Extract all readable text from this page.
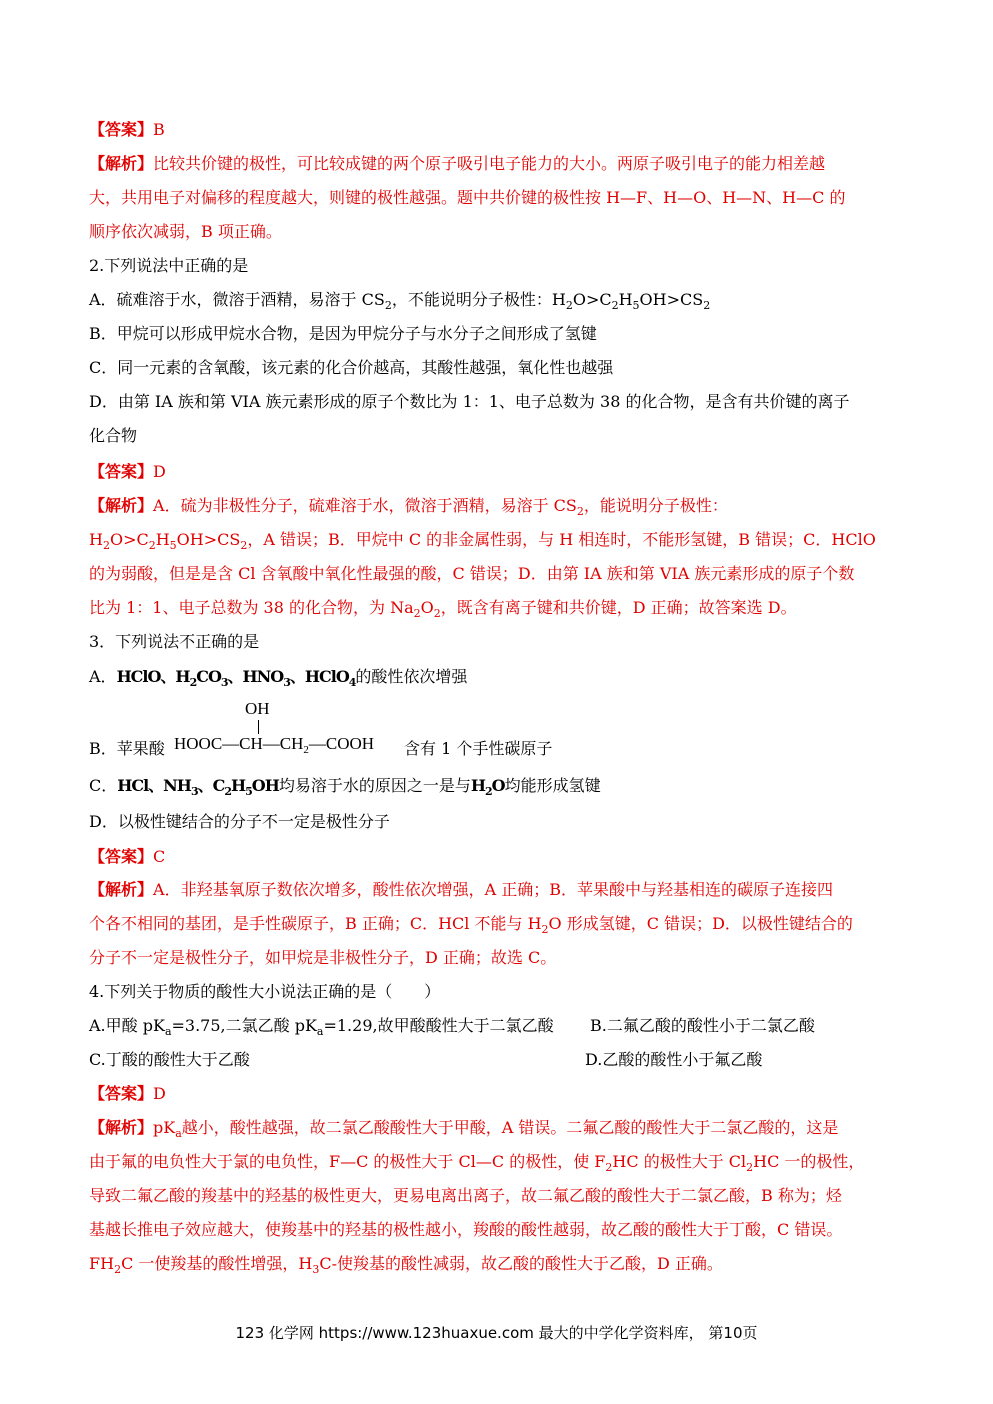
【答案】B
【解析】比较共价键的极性，可比较成键的两个原子吸引电子能力的大小。两原子吸引电子的能力相差越
大，共用电子对偏移的程度越大，则键的极性越强。题中共价键的极性按 H—F、H—O、H—N、H—C 的
顺序依次减弱，B 项正确。
2.下列说法中正确的是
A．硫难溶于水，微溶于酒精，易溶于 $CS_2$，不能说明分子极性：$H_2O>C_2H_5OH>CS_2$
B．甲烷可以形成甲烷水合物，是因为甲烷分子与水分子之间形成了氢键
C．同一元素的含氧酸，该元素的化合价越高，其酸性越强，氧化性也越强
D．由第 IA 族和第 VIA 族元素形成的原子个数比为 1：1、电子总数为 38 的化合物，是含有共价键的离子
化合物
【答案】D
【解析】A．硫为非极性分子，硫难溶于水，微溶于酒精，易溶于 $CS_2$，能说明分子极性：
$H_2O>C_2H_5OH>CS_2$，A 错误；B．甲烷中 C 的非金属性弱，与 H 相连时，不能形氢键，B 错误；C．HClO
的为弱酸，但是是含 Cl 含氧酸中氧化性最强的酸，C 错误；D．由第 IA 族和第 VIA 族元素形成的原子个数
比为 1：1、电子总数为 38 的化合物，为 $Na_2O_2$，既含有离子键和共价键，D 正确；故答案选 D。
3．下列说法不正确的是
A．HClO、$H_2CO_3$、$HNO_3$、HClO$_4$的酸性依次增强
OH
B．苹果酸 $HOOC—CH—CH_2—COOH$ 含有 1 个手性碳原子
C．HCl、$NH_3$、$C_2H_5OH$均易溶于水的原因之一是与$H_2O$均能形成氢键
D．以极性键结合的分子不一定是极性分子
【答案】C
【解析】A．非羟基氧原子数依次增多，酸性依次增强，A 正确；B．苹果酸中与羟基相连的碳原子连接四
个各不相同的基团，是手性碳原子，B 正确；C．HCl 不能与 $H_2O$ 形成氢键，C 错误；D．以极性键结合的
分子不一定是极性分子，如甲烷是非极性分子，D 正确；故选 C。
4.下列关于物质的酸性大小说法正确的是（　　）
A.甲酸 $pK_a=3.75$,二氯乙酸 $pK_a=1.29$,故甲酸酸性大于二氯乙酸 B.二氟乙酸的酸性小于二氯乙酸
C.丁酸的酸性大于乙酸	D.乙酸的酸性小于氟乙酸
【答案】D
【解析】$pK_a$越小，酸性越强，故二氯乙酸酸性大于甲酸，A 错误。二氟乙酸的酸性大于二氯乙酸的，这是
由于氟的电负性大于氯的电负性，F—C 的极性大于 Cl—C 的极性，使 $F_2HC$ 的极性大于 $Cl_2HC$ 一的极性，
导致二氟乙酸的羧基中的羟基的极性更大，更易电离出离子，故二氟乙酸的酸性大于二氯乙酸，B 称为；烃
基越长推电子效应越大，使羧基中的羟基的极性越小，羧酸的酸性越弱，故乙酸的酸性大于丁酸，C 错误。
$FH_2C$ 一使羧基的酸性增强，$H_3C-$使羧基的酸性减弱，故乙酸的酸性大于乙酸，D 正确。
123 化学网 https://www.123huaxue.com 最大的中学化学资料库， 第10页
